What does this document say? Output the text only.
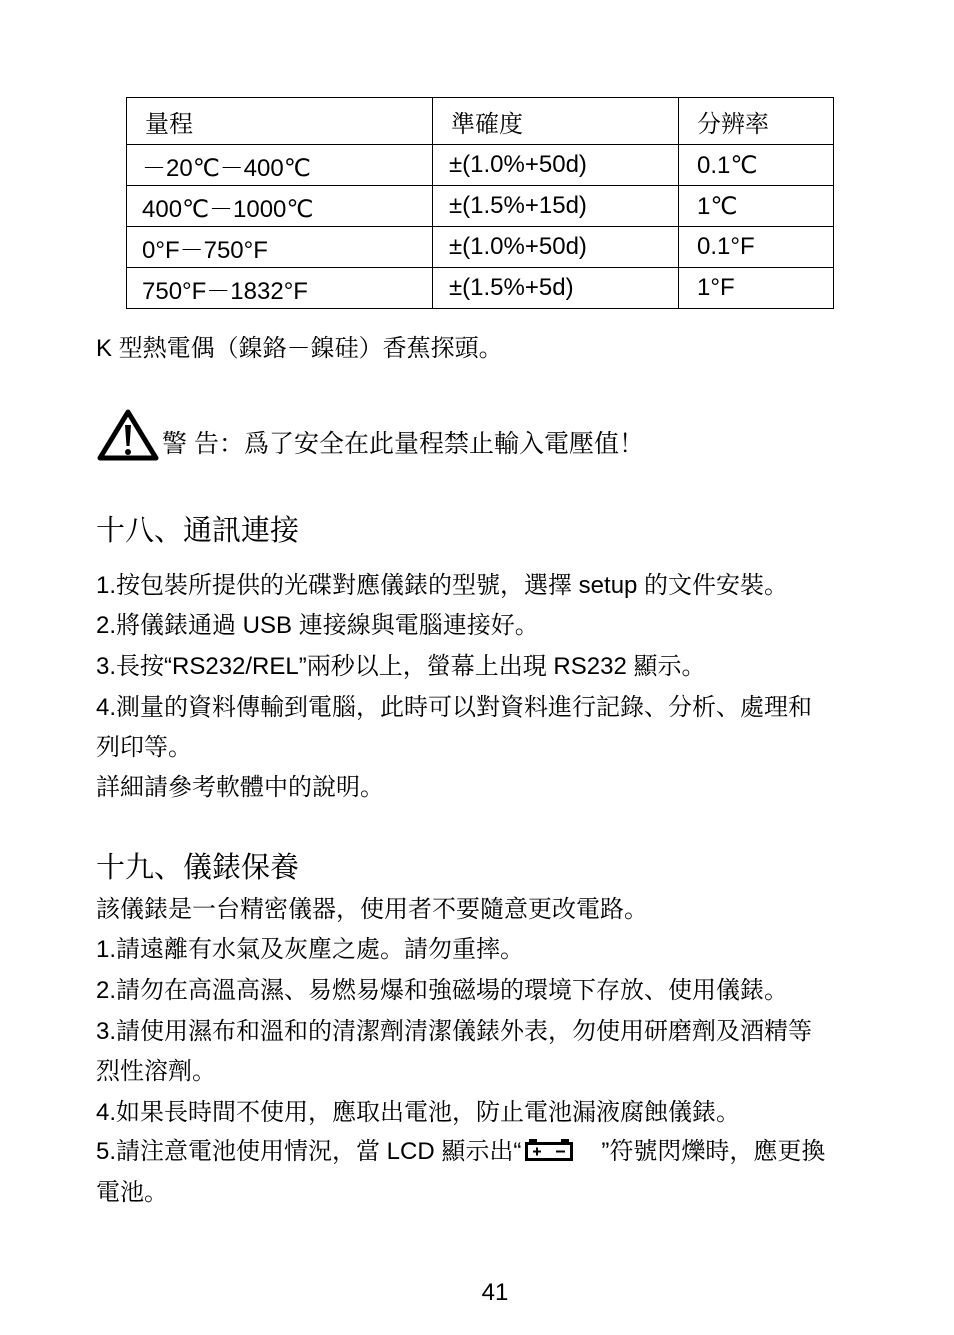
量程	準確度	分辨率
－20℃－400℃	±(1.0%+50d)	0.1℃
400℃－1000℃	±(1.5%+15d)	1℃
0°F－750°F	±(1.0%+50d)	0.1°F
750°F－1832°F	±(1.5%+5d)	1°F
K 型熱電偶（鎳鉻－鎳硅）香蕉探頭。
警 告：爲了安全在此量程禁止輸入電壓值！
十八、通訊連接
1.按包裝所提供的光碟對應儀錶的型號，選擇 setup 的文件安裝。
2.將儀錶通過 USB 連接線與電腦連接好。
3.長按“RS232/REL”兩秒以上，螢幕上出現 RS232 顯示。
4.測量的資料傳輸到電腦，此時可以對資料進行記錄、分析、處理和
列印等。
詳細請參考軟體中的說明。
十九、儀錶保養
該儀錶是一台精密儀器，使用者不要隨意更改電路。
1.請遠離有水氣及灰塵之處。請勿重摔。
2.請勿在高溫高濕、易燃易爆和強磁場的環境下存放、使用儀錶。
3.請使用濕布和溫和的清潔劑清潔儀錶外表，勿使用研磨劑及酒精等
烈性溶劑。
4.如果長時間不使用，應取出電池，防止電池漏液腐蝕儀錶。
5.請注意電池使用情況，當 LCD 顯示出“	”符號閃爍時，應更換
電池。
41
